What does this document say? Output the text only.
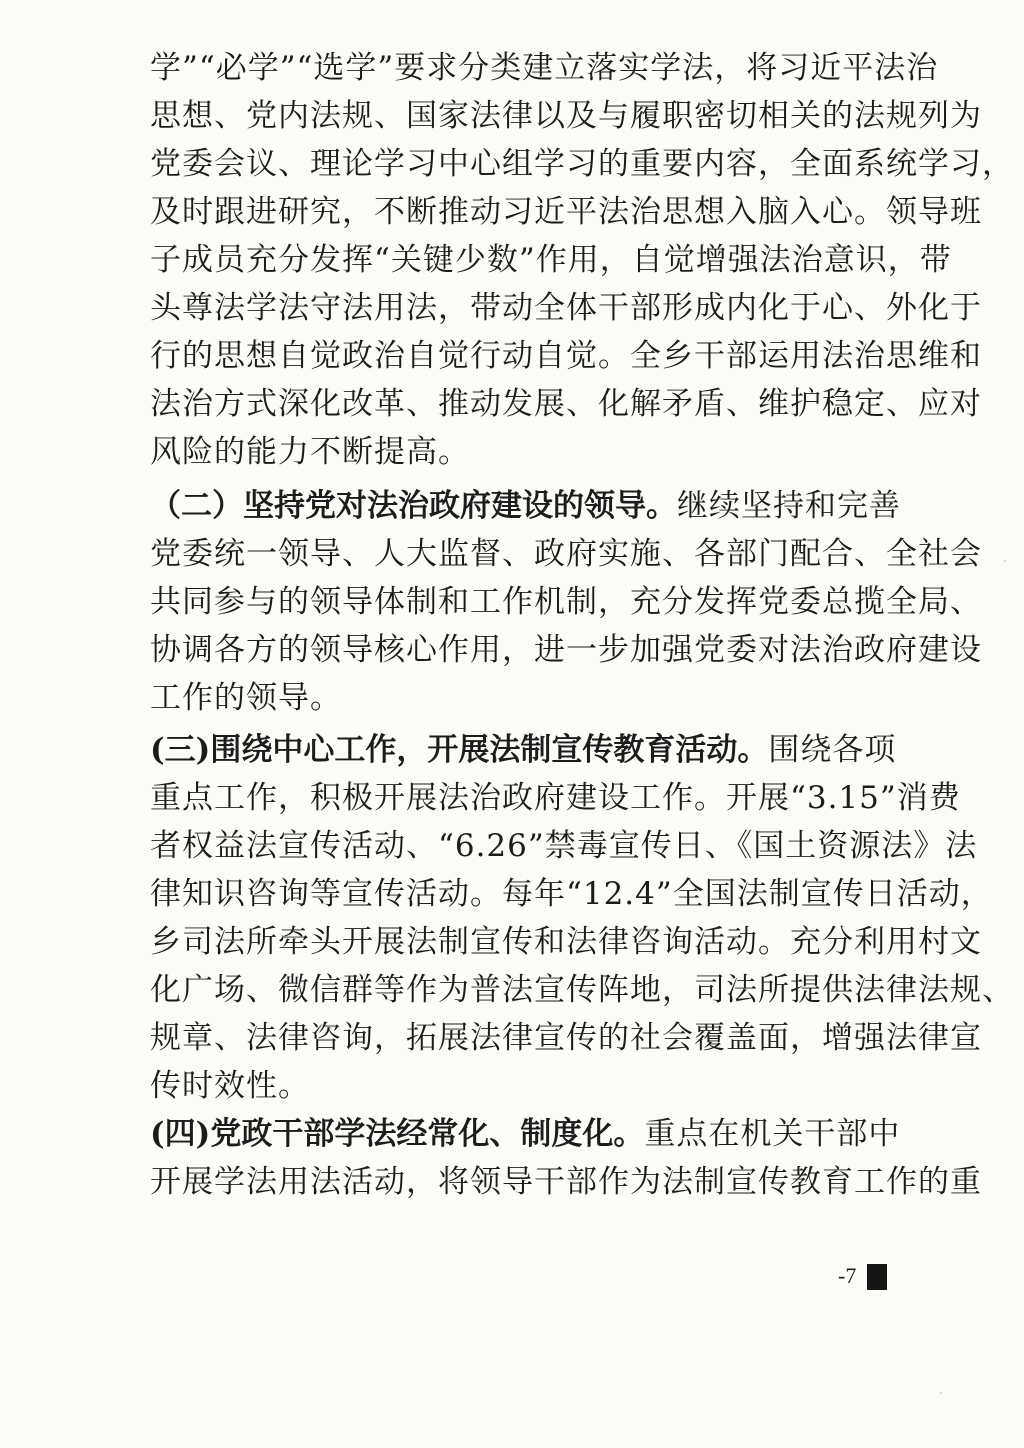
学”“必学”“选学”要求分类建立落实学法，将习近平法治
思想、党内法规、国家法律以及与履职密切相关的法规列为
党委会议、理论学习中心组学习的重要内容，全面系统学习，
及时跟进研究，不断推动习近平法治思想入脑入心。领导班
子成员充分发挥“关键少数”作用，自觉增强法治意识，带
头尊法学法守法用法，带动全体干部形成内化于心、外化于
行的思想自觉政治自觉行动自觉。全乡干部运用法治思维和
法治方式深化改革、推动发展、化解矛盾、维护稳定、应对
风险的能力不断提高。
（二）坚持党对法治政府建设的领导。继续坚持和完善
党委统一领导、人大监督、政府实施、各部门配合、全社会
共同参与的领导体制和工作机制，充分发挥党委总揽全局、
协调各方的领导核心作用，进一步加强党委对法治政府建设
工作的领导。
(三)围绕中心工作，开展法制宣传教育活动。围绕各项
重点工作，积极开展法治政府建设工作。开展“3.15”消费
者权益法宣传活动、“6.26”禁毒宣传日、《国土资源法》法
律知识咨询等宣传活动。每年“12.4”全国法制宣传日活动，
乡司法所牵头开展法制宣传和法律咨询活动。充分利用村文
化广场、微信群等作为普法宣传阵地，司法所提供法律法规、
规章、法律咨询，拓展法律宣传的社会覆盖面，增强法律宣
传时效性。
(四)党政干部学法经常化、制度化。重点在机关干部中
开展学法用法活动，将领导干部作为法制宣传教育工作的重
-7
